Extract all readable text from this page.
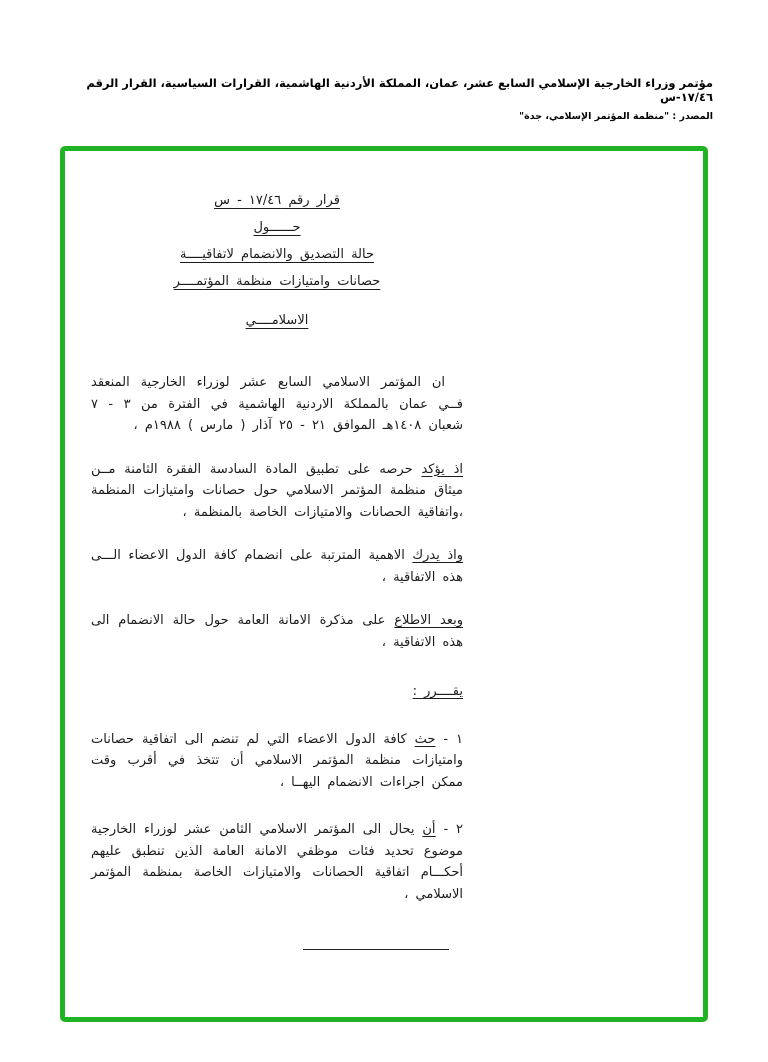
مؤتمر وزراء الخارجية الإسلامي السابع عشر، عمان، المملكة الأردنية الهاشمية، القرارات السياسية، القرار الرقم ١٧/٤٦-س
المصدر : "منظمة المؤتمر الإسلامي، جدة"
قرار رقم ١٧/٤٦ - س
حــــــول
حالة التصديق والانضمام لاتفاقيــــة
حصانات وامتيازات منظمة المؤتمــــر
الاسلامــــي

ان المؤتمر الاسلامي السابع عشر لوزراء الخارجية المنعقد فــي عمان بالمملكة الاردنية الهاشمية في الفترة من ٣ - ٧ شعبان ١٤٠٨هـ الموافق ٢١ - ٢٥ آذار ( مارس ) ١٩٨٨م ،

اذ يؤكد حرصه على تطبيق المادة السادسة الفقرة الثامنة مــن ميثاق منظمة المؤتمر الاسلامي حول حصانات وامتيازات المنظمة ،واتفاقية الحصانات والامتيازات الخاصة بالمنظمة ،

واذ يدرك الاهمية المترتبة على انضمام كافة الدول الاعضاء الـــى هذه الاتفاقية ،

وبعد الاطلاع على مذكرة الامانة العامة حول حالة الانضمام الى هذه الاتفاقية ،

يقــــرر :

١ - حث كافة الدول الاعضاء التي لم تنضم الى اتفاقية حصانات وامتيازات منظمة المؤتمر الاسلامي أن تتخذ في أقرب وقت ممكن اجراءات الانضمام اليهــا ،

٢ - أن يحال الى المؤتمر الاسلامي الثامن عشر لوزراء الخارجية موضوع تحديد فئات موظفي الامانة العامة الذين تنطبق عليهم أحكـــام اتفاقية الحصانات والامتيازات الخاصة بمنظمة المؤتمر الاسلامي ،
